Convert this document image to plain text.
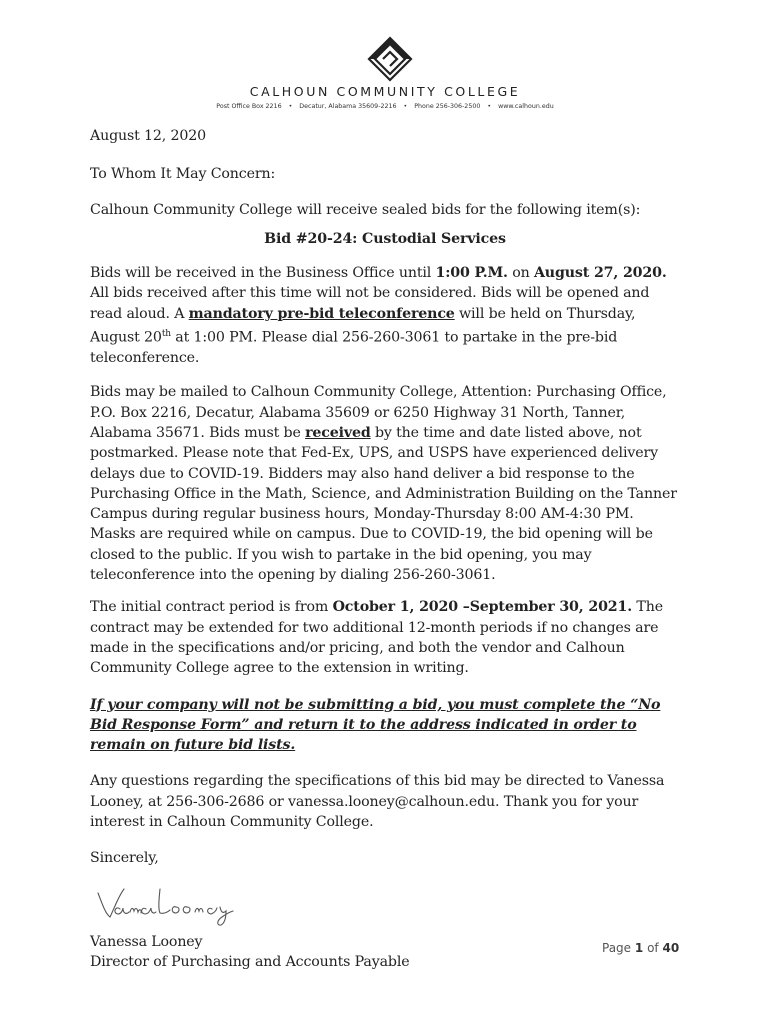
CALHOUN COMMUNITY COLLEGE
Post Office Box 2216 • Decatur, Alabama 35609-2216 • Phone 256-306-2500 • www.calhoun.edu

August 12, 2020

To Whom It May Concern:

Calhoun Community College will receive sealed bids for the following item(s):

Bid #20-24: Custodial Services

Bids will be received in the Business Office until 1:00 P.M. on August 27, 2020. All bids received after this time will not be considered. Bids will be opened and read aloud. A mandatory pre-bid teleconference will be held on Thursday, August 20th at 1:00 PM. Please dial 256-260-3061 to partake in the pre-bid teleconference.

Bids may be mailed to Calhoun Community College, Attention: Purchasing Office, P.O. Box 2216, Decatur, Alabama 35609 or 6250 Highway 31 North, Tanner, Alabama 35671. Bids must be received by the time and date listed above, not postmarked. Please note that Fed-Ex, UPS, and USPS have experienced delivery delays due to COVID-19. Bidders may also hand deliver a bid response to the Purchasing Office in the Math, Science, and Administration Building on the Tanner Campus during regular business hours, Monday-Thursday 8:00 AM-4:30 PM. Masks are required while on campus. Due to COVID-19, the bid opening will be closed to the public. If you wish to partake in the bid opening, you may teleconference into the opening by dialing 256-260-3061.

The initial contract period is from October 1, 2020 –September 30, 2021. The contract may be extended for two additional 12-month periods if no changes are made in the specifications and/or pricing, and both the vendor and Calhoun Community College agree to the extension in writing.

If your company will not be submitting a bid, you must complete the “No Bid Response Form” and return it to the address indicated in order to remain on future bid lists.

Any questions regarding the specifications of this bid may be directed to Vanessa Looney, at 256-306-2686 or vanessa.looney@calhoun.edu. Thank you for your interest in Calhoun Community College.

Sincerely,

Vanessa Looney

Director of Purchasing and Accounts Payable

Page 1 of 40
